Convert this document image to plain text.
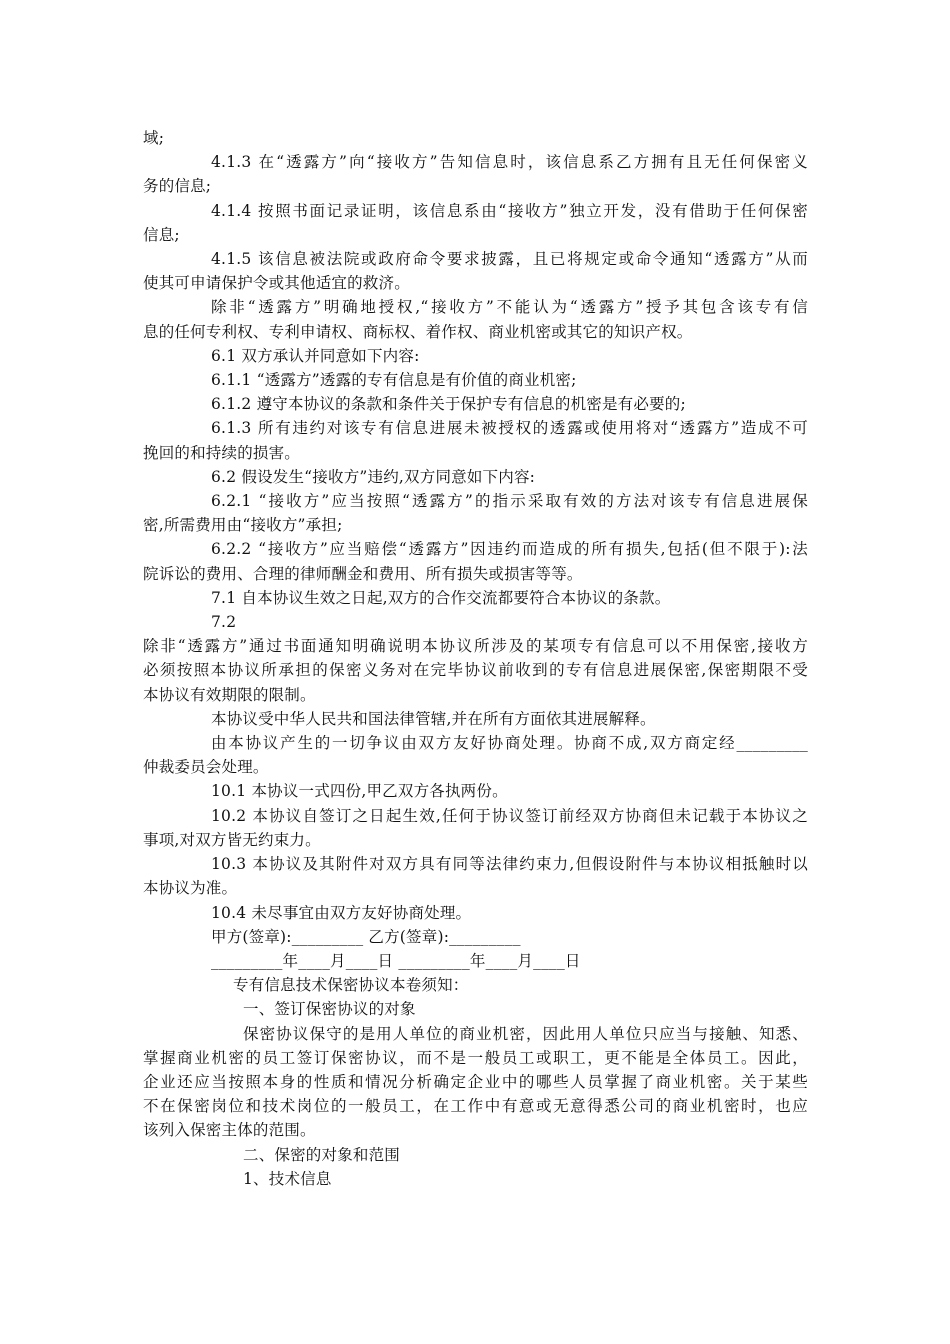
域;

4.1.3 在“透露方”向“接收方”告知信息时，该信息系乙方拥有且无任何保密义

务的信息;

4.1.4 按照书面记录证明，该信息系由“接收方”独立开发，没有借助于任何保密

信息;

4.1.5 该信息被法院或政府命令要求披露，且已将规定或命令通知“透露方”从而

使其可申请保护令或其他适宜的救济。

除非“透露方”明确地授权,“接收方”不能认为“透露方”授予其包含该专有信

息的任何专利权、专利申请权、商标权、着作权、商业机密或其它的知识产权。

6.1 双方承认并同意如下内容:

6.1.1 “透露方”透露的专有信息是有价值的商业机密;

6.1.2 遵守本协议的条款和条件关于保护专有信息的机密是有必要的;

6.1.3 所有违约对该专有信息进展未被授权的透露或使用将对“透露方”造成不可

挽回的和持续的损害。

6.2 假设发生“接收方”违约,双方同意如下内容:

6.2.1 “接收方”应当按照“透露方”的指示采取有效的方法对该专有信息进展保

密,所需费用由“接收方”承担;

6.2.2 “接收方”应当赔偿“透露方”因违约而造成的所有损失,包括(但不限于):法

院诉讼的费用、合理的律师酬金和费用、所有损失或损害等等。

7.1 自本协议生效之日起,双方的合作交流都要符合本协议的条款。

7.2

除非“透露方”通过书面通知明确说明本协议所涉及的某项专有信息可以不用保密,接收方

必须按照本协议所承担的保密义务对在完毕协议前收到的专有信息进展保密,保密期限不受

本协议有效期限的限制。

本协议受中华人民共和国法律管辖,并在所有方面依其进展解释。

由本协议产生的一切争议由双方友好协商处理。协商不成,双方商定经_________

仲裁委员会处理。

10.1 本协议一式四份,甲乙双方各执两份。

10.2 本协议自签订之日起生效,任何于协议签订前经双方协商但未记载于本协议之

事项,对双方皆无约束力。

10.3 本协议及其附件对双方具有同等法律约束力,但假设附件与本协议相抵触时以

本协议为准。

10.4 未尽事宜由双方友好协商处理。

甲方(签章):_________ 乙方(签章):_________

_________年____月____日 _________年____月____日

专有信息技术保密协议本卷须知：

一、签订保密协议的对象

保密协议保守的是用人单位的商业机密，因此用人单位只应当与接触、知悉、

掌握商业机密的员工签订保密协议，而不是一般员工或职工，更不能是全体员工。因此，

企业还应当按照本身的性质和情况分析确定企业中的哪些人员掌握了商业机密。关于某些

不在保密岗位和技术岗位的一般员工，在工作中有意或无意得悉公司的商业机密时，也应

该列入保密主体的范围。

二、保密的对象和范围

1、技术信息
